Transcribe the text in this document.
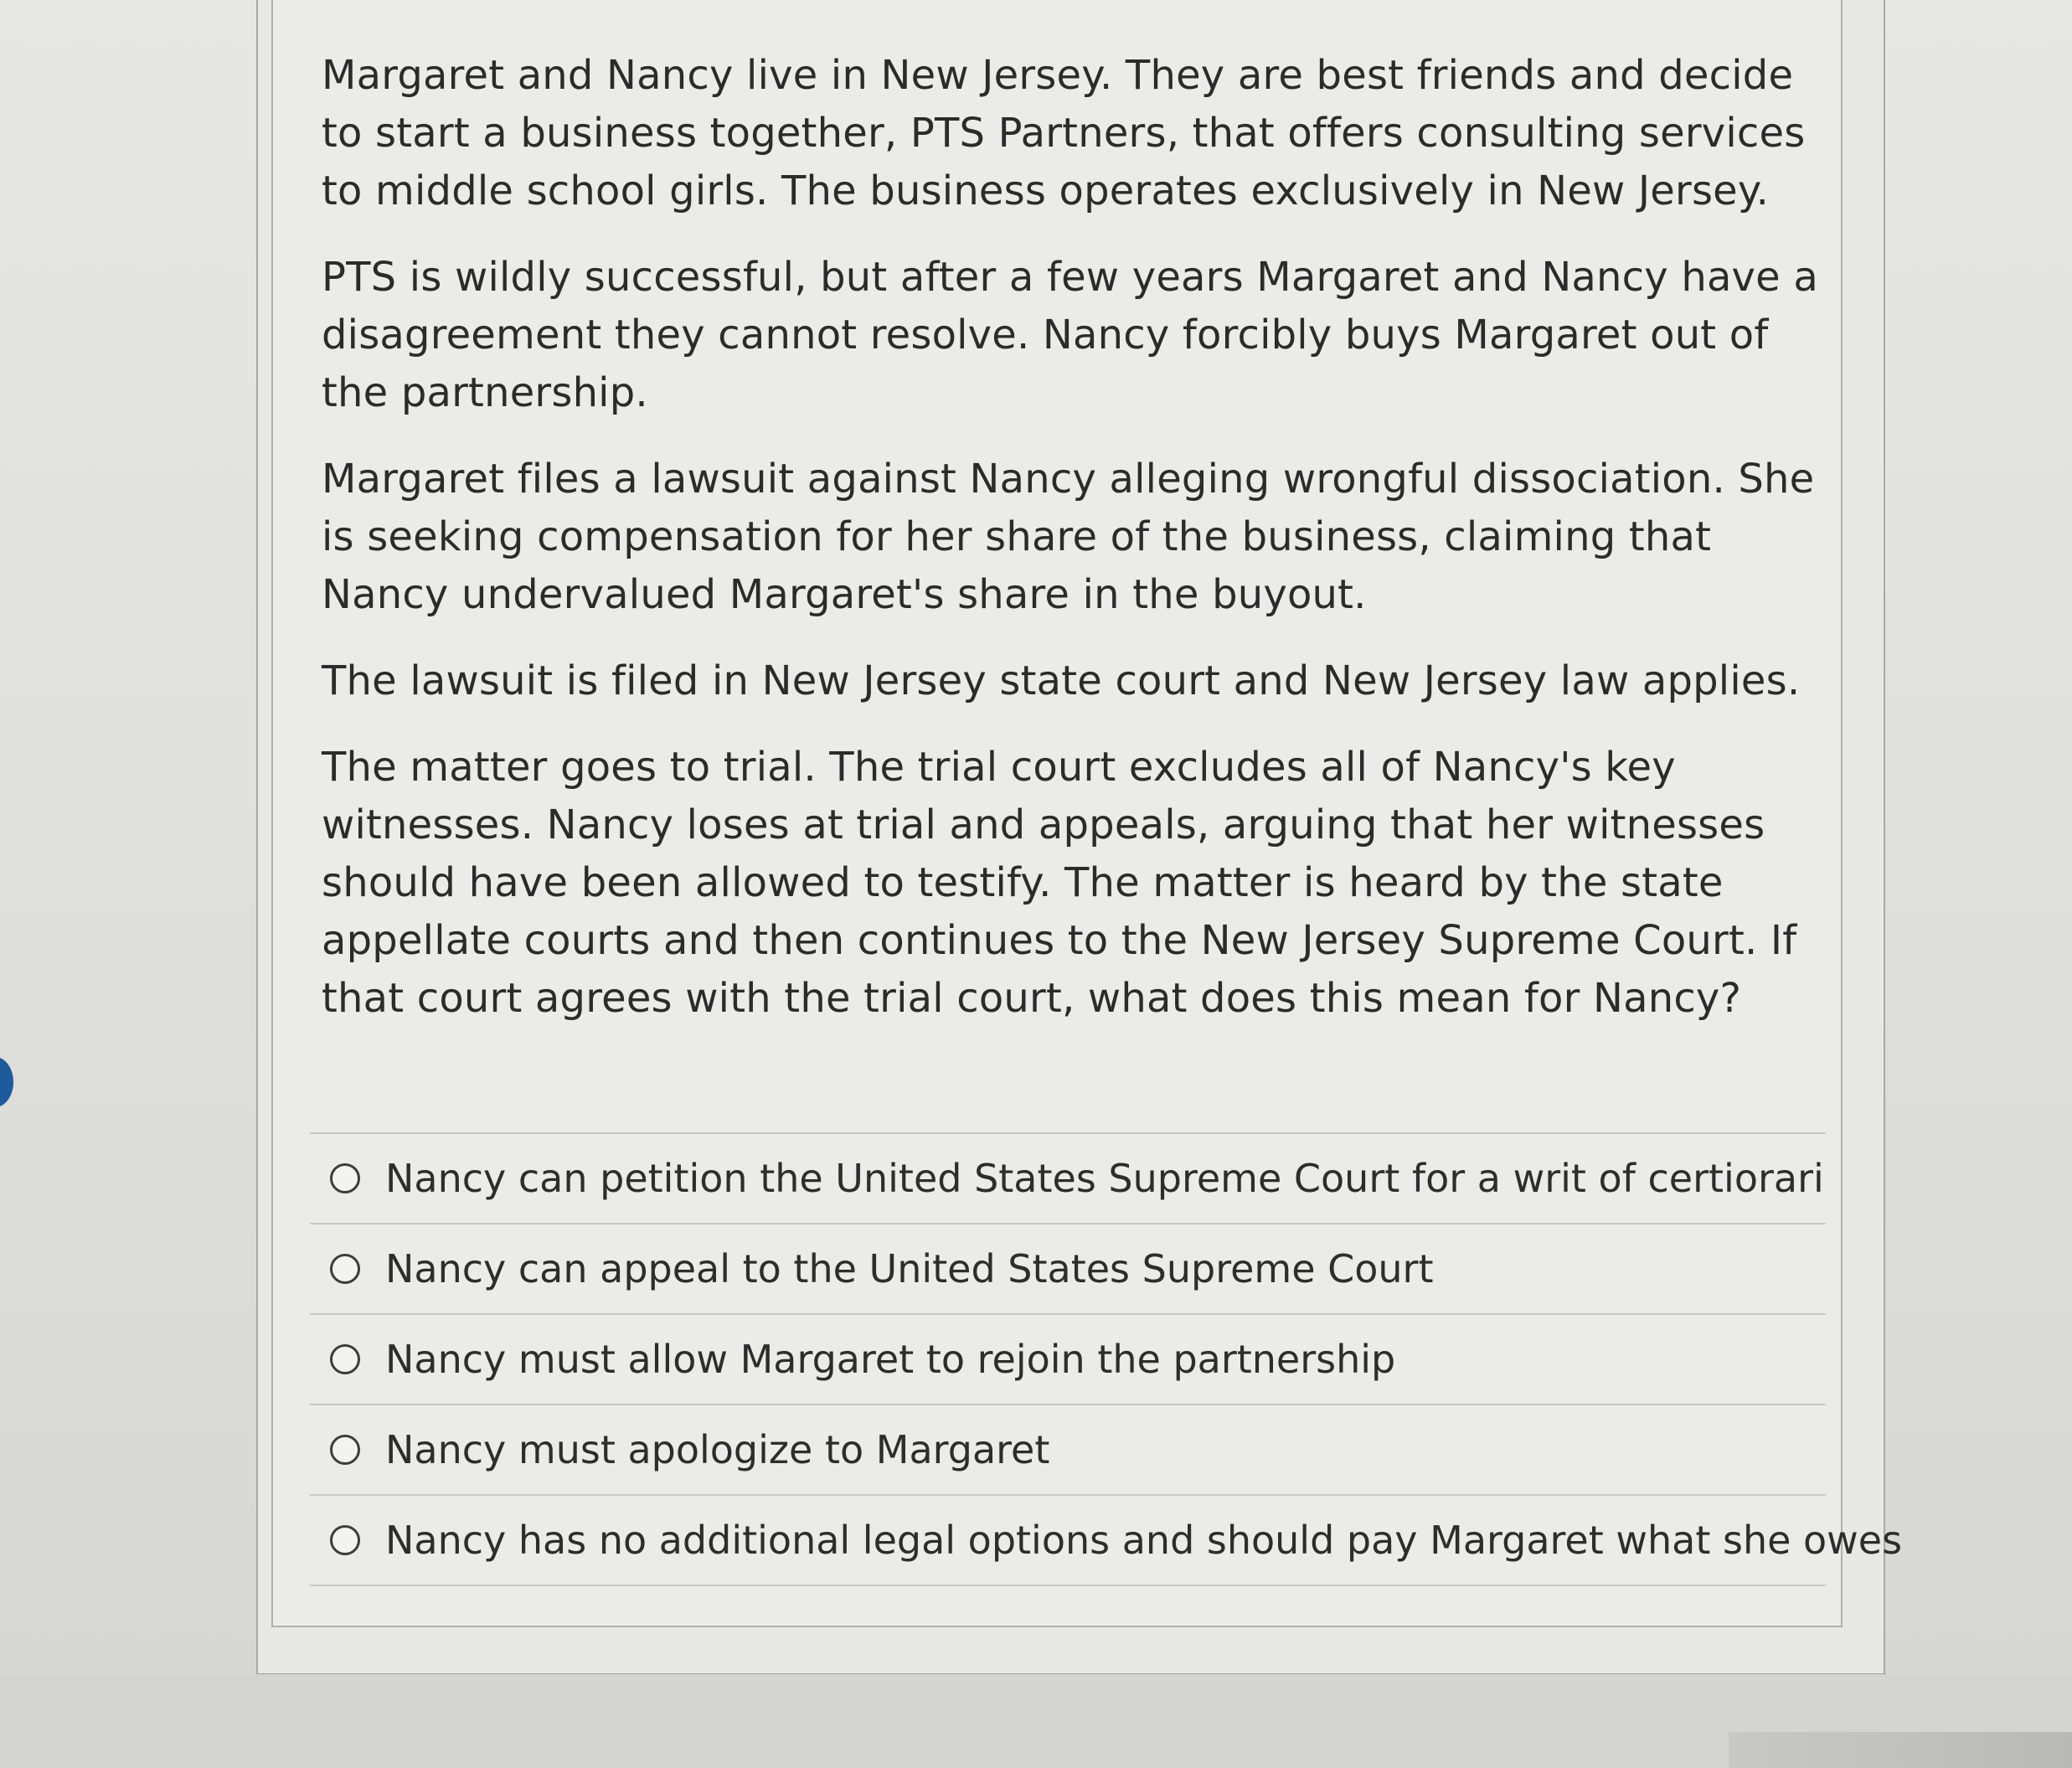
Margaret and Nancy live in New Jersey. They are best friends and decide to start a business together, PTS Partners, that offers consulting services to middle school girls. The business operates exclusively in New Jersey.

PTS is wildly successful, but after a few years Margaret and Nancy have a disagreement they cannot resolve. Nancy forcibly buys Margaret out of the partnership.

Margaret files a lawsuit against Nancy alleging wrongful dissociation. She is seeking compensation for her share of the business, claiming that Nancy undervalued Margaret's share in the buyout.

The lawsuit is filed in New Jersey state court and New Jersey law applies.

The matter goes to trial. The trial court excludes all of Nancy's key witnesses. Nancy loses at trial and appeals, arguing that her witnesses should have been allowed to testify. The matter is heard by the state appellate courts and then continues to the New Jersey Supreme Court. If that court agrees with the trial court, what does this mean for Nancy?

Nancy can petition the United States Supreme Court for a writ of certiorari
Nancy can appeal to the United States Supreme Court
Nancy must allow Margaret to rejoin the partnership
Nancy must apologize to Margaret
Nancy has no additional legal options and should pay Margaret what she owes
